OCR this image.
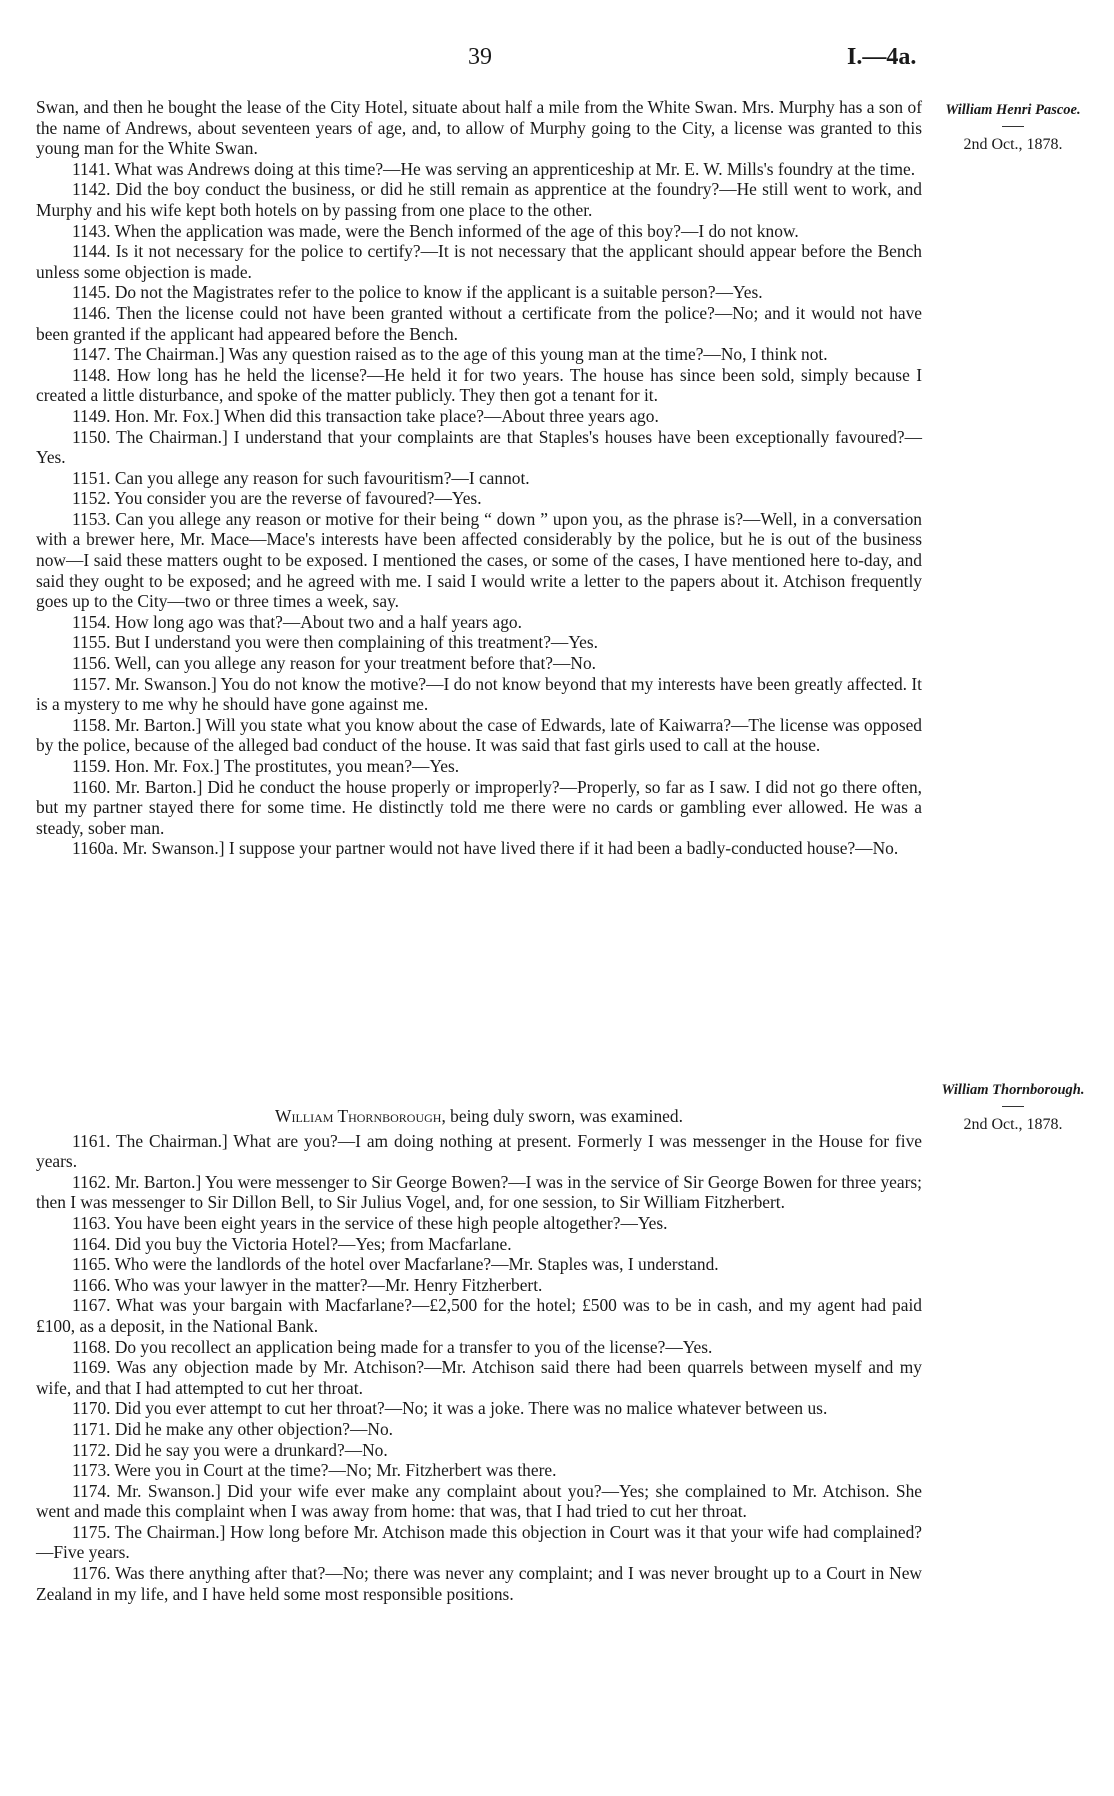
39	I.—4a.

Swan, and then he bought the lease of the City Hotel, situate about half a mile from the White Swan. Mrs. Murphy has a son of the name of Andrews, about seventeen years of age, and, to allow of Murphy going to the City, a license was granted to this young man for the White Swan.

1141. What was Andrews doing at this time?—He was serving an apprenticeship at Mr. E. W. Mills's foundry at the time.

1142. Did the boy conduct the business, or did he still remain as apprentice at the foundry?—He still went to work, and Murphy and his wife kept both hotels on by passing from one place to the other.

1143. When the application was made, were the Bench informed of the age of this boy?—I do not know.

1144. Is it not necessary for the police to certify?—It is not necessary that the applicant should appear before the Bench unless some objection is made.

1145. Do not the Magistrates refer to the police to know if the applicant is a suitable person?—Yes.

1146. Then the license could not have been granted without a certificate from the police?—No; and it would not have been granted if the applicant had appeared before the Bench.

1147. The Chairman.] Was any question raised as to the age of this young man at the time?—No, I think not.

1148. How long has he held the license?—He held it for two years. The house has since been sold, simply because I created a little disturbance, and spoke of the matter publicly. They then got a tenant for it.

1149. Hon. Mr. Fox.] When did this transaction take place?—About three years ago.

1150. The Chairman.] I understand that your complaints are that Staples's houses have been exceptionally favoured?—Yes.

1151. Can you allege any reason for such favouritism?—I cannot.

1152. You consider you are the reverse of favoured?—Yes.

1153. Can you allege any reason or motive for their being “ down ” upon you, as the phrase is?—Well, in a conversation with a brewer here, Mr. Mace—Mace's interests have been affected considerably by the police, but he is out of the business now—I said these matters ought to be exposed. I mentioned the cases, or some of the cases, I have mentioned here to-day, and said they ought to be exposed; and he agreed with me. I said I would write a letter to the papers about it. Atchison frequently goes up to the City—two or three times a week, say.

1154. How long ago was that?—About two and a half years ago.

1155. But I understand you were then complaining of this treatment?—Yes.

1156. Well, can you allege any reason for your treatment before that?—No.

1157. Mr. Swanson.] You do not know the motive?—I do not know beyond that my interests have been greatly affected. It is a mystery to me why he should have gone against me.

1158. Mr. Barton.] Will you state what you know about the case of Edwards, late of Kaiwarra?—The license was opposed by the police, because of the alleged bad conduct of the house. It was said that fast girls used to call at the house.

1159. Hon. Mr. Fox.] The prostitutes, you mean?—Yes.

1160. Mr. Barton.] Did he conduct the house properly or improperly?—Properly, so far as I saw. I did not go there often, but my partner stayed there for some time. He distinctly told me there were no cards or gambling ever allowed. He was a steady, sober man.

1160a. Mr. Swanson.] I suppose your partner would not have lived there if it had been a badly-conducted house?—No.

William Henri Pascoe.
2nd Oct., 1878.

William Thornborough, being duly sworn, was examined.

1161. The Chairman.] What are you?—I am doing nothing at present. Formerly I was messenger in the House for five years.

1162. Mr. Barton.] You were messenger to Sir George Bowen?—I was in the service of Sir George Bowen for three years; then I was messenger to Sir Dillon Bell, to Sir Julius Vogel, and, for one session, to Sir William Fitzherbert.

1163. You have been eight years in the service of these high people altogether?—Yes.

1164. Did you buy the Victoria Hotel?—Yes; from Macfarlane.

1165. Who were the landlords of the hotel over Macfarlane?—Mr. Staples was, I understand.

1166. Who was your lawyer in the matter?—Mr. Henry Fitzherbert.

1167. What was your bargain with Macfarlane?—£2,500 for the hotel; £500 was to be in cash, and my agent had paid £100, as a deposit, in the National Bank.

1168. Do you recollect an application being made for a transfer to you of the license?—Yes.

1169. Was any objection made by Mr. Atchison?—Mr. Atchison said there had been quarrels between myself and my wife, and that I had attempted to cut her throat.

1170. Did you ever attempt to cut her throat?—No; it was a joke. There was no malice whatever between us.

1171. Did he make any other objection?—No.

1172. Did he say you were a drunkard?—No.

1173. Were you in Court at the time?—No; Mr. Fitzherbert was there.

1174. Mr. Swanson.] Did your wife ever make any complaint about you?—Yes; she complained to Mr. Atchison. She went and made this complaint when I was away from home: that was, that I had tried to cut her throat.

1175. The Chairman.] How long before Mr. Atchison made this objection in Court was it that your wife had complained?—Five years.

1176. Was there anything after that?—No; there was never any complaint; and I was never brought up to a Court in New Zealand in my life, and I have held some most responsible positions.

William Thornborough.
2nd Oct., 1878.
